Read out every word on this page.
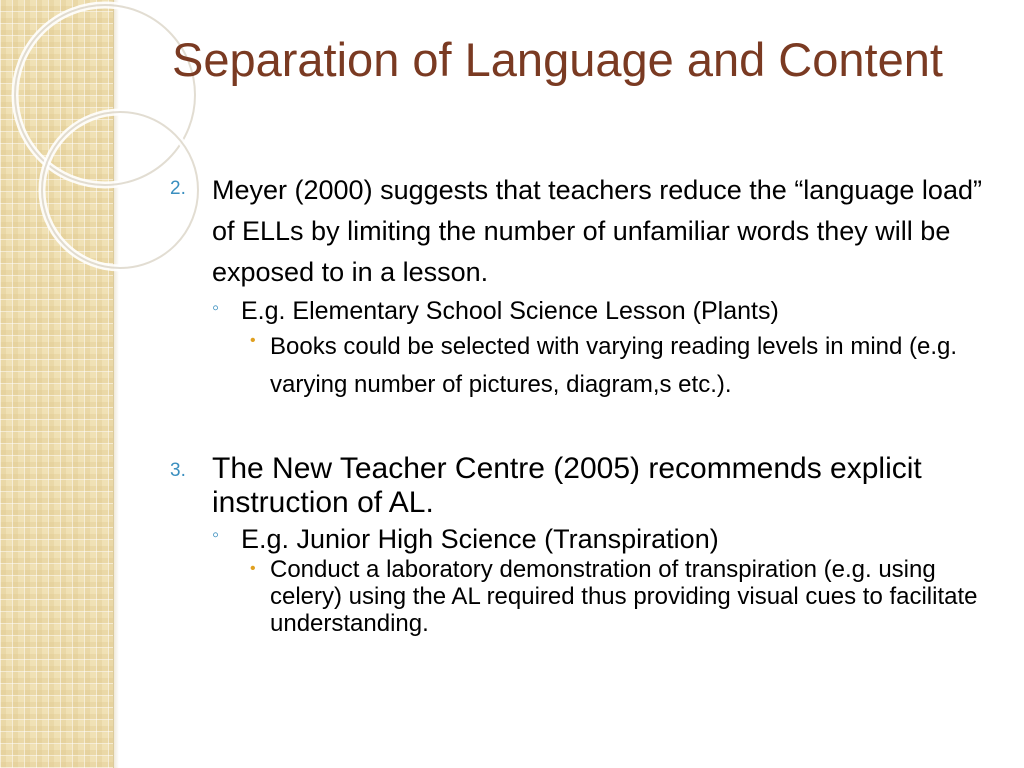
Separation of Language and Content
2. Meyer (2000) suggests that teachers reduce the “language load” of ELLs by limiting the number of unfamiliar words they will be exposed to in a lesson.
◦ E.g. Elementary School Science Lesson (Plants)
• Books could be selected with varying reading levels in mind (e.g. varying number of pictures, diagram,s etc.).
3. The New Teacher Centre (2005) recommends explicit instruction of AL.
◦ E.g. Junior High Science (Transpiration)
• Conduct a laboratory demonstration of transpiration (e.g. using celery) using the AL required thus providing visual cues to facilitate understanding.
